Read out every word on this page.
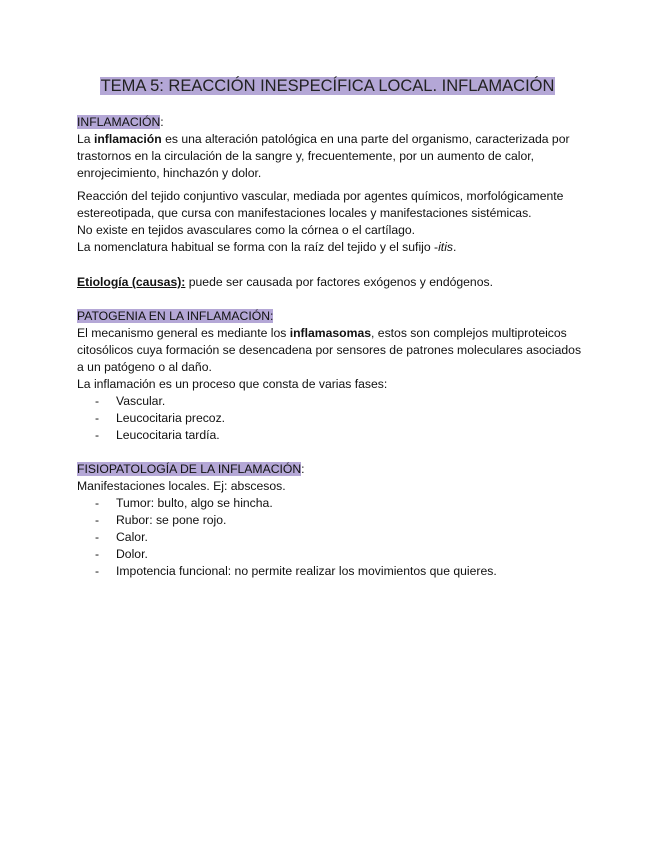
TEMA 5: REACCIÓN INESPECÍFICA LOCAL. INFLAMACIÓN

INFLAMACIÓN:

La inflamación es una alteración patológica en una parte del organismo, caracterizada por trastornos en la circulación de la sangre y, frecuentemente, por un aumento de calor, enrojecimiento, hinchazón y dolor.

Reacción del tejido conjuntivo vascular, mediada por agentes químicos, morfológicamente estereotipada, que cursa con manifestaciones locales y manifestaciones sistémicas.

No existe en tejidos avasculares como la córnea o el cartílago.

La nomenclatura habitual se forma con la raíz del tejido y el sufijo -itis.

Etiología (causas): puede ser causada por factores exógenos y endógenos.

PATOGENIA EN LA INFLAMACIÓN:

El mecanismo general es mediante los inflamasomas, estos son complejos multiproteicos citosólicos cuya formación se desencadena por sensores de patrones moleculares asociados a un patógeno o al daño.

La inflamación es un proceso que consta de varias fases:

- Vascular.
- Leucocitaria precoz.
- Leucocitaria tardía.

FISIOPATOLOGÍA DE LA INFLAMACIÓN:

Manifestaciones locales. Ej: abscesos.

- Tumor: bulto, algo se hincha.
- Rubor: se pone rojo.
- Calor.
- Dolor.
- Impotencia funcional: no permite realizar los movimientos que quieres.
